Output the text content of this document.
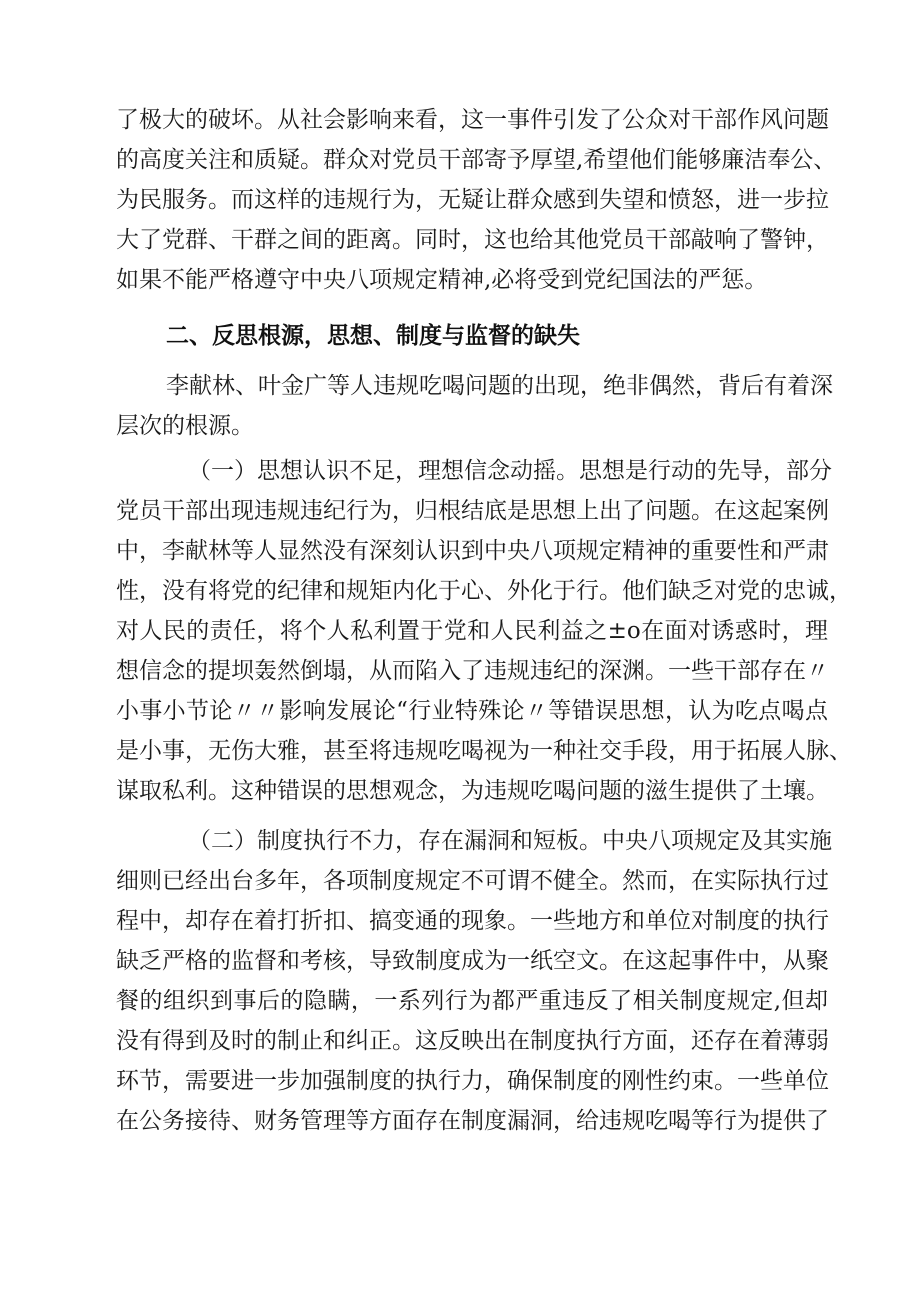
了极大的破坏。从社会影响来看，这一事件引发了公众对干部作风问题
的高度关注和质疑。群众对党员干部寄予厚望,希望他们能够廉洁奉公、
为民服务。而这样的违规行为，无疑让群众感到失望和愤怒，进一步拉
大了党群、干群之间的距离。同时，这也给其他党员干部敲响了警钟，
如果不能严格遵守中央八项规定精神,必将受到党纪国法的严惩。
二、反思根源，思想、制度与监督的缺失
李献林、叶金广等人违规吃喝问题的出现，绝非偶然，背后有着深
层次的根源。
（一）思想认识不足，理想信念动摇。思想是行动的先导，部分
党员干部出现违规违纪行为，归根结底是思想上出了问题。在这起案例
中，李献林等人显然没有深刻认识到中央八项规定精神的重要性和严肃
性，没有将党的纪律和规矩内化于心、外化于行。他们缺乏对党的忠诚，
对人民的责任，将个人私利置于党和人民利益之±o在面对诱惑时，理
想信念的提坝轰然倒塌，从而陷入了违规违纪的深渊。一些干部存在〃
小事小节论〃〃影响发展论“行业特殊论〃等错误思想，认为吃点喝点
是小事，无伤大雅，甚至将违规吃喝视为一种社交手段，用于拓展人脉、
谋取私利。这种错误的思想观念，为违规吃喝问题的滋生提供了土壤。
（二）制度执行不力，存在漏洞和短板。中央八项规定及其实施
细则已经出台多年，各项制度规定不可谓不健全。然而，在实际执行过
程中，却存在着打折扣、搞变通的现象。一些地方和单位对制度的执行
缺乏严格的监督和考核，导致制度成为一纸空文。在这起事件中，从聚
餐的组织到事后的隐瞒，一系列行为都严重违反了相关制度规定,但却
没有得到及时的制止和纠正。这反映出在制度执行方面，还存在着薄弱
环节，需要进一步加强制度的执行力，确保制度的刚性约束。一些单位
在公务接待、财务管理等方面存在制度漏洞，给违规吃喝等行为提供了
